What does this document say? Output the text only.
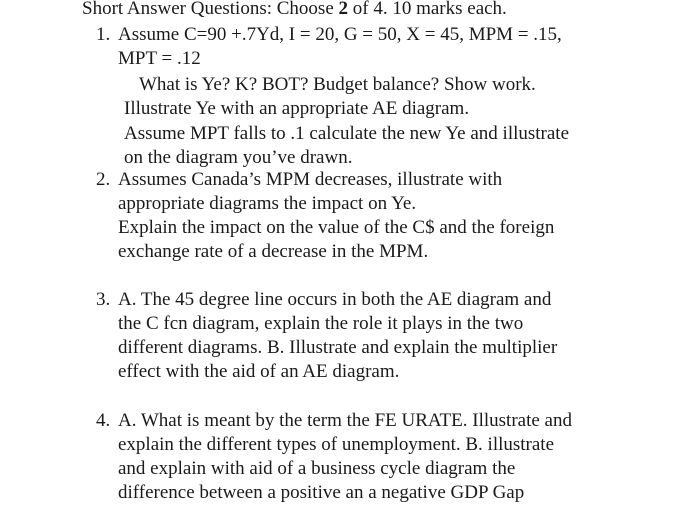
Short Answer Questions: Choose 2 of 4. 10 marks each.
1. Assume C=90 +.7Yd, I = 20, G = 50, X = 45, MPM = .15,
MPT = .12
What is Ye? K? BOT? Budget balance? Show work.
Illustrate Ye with an appropriate AE diagram.
Assume MPT falls to .1 calculate the new Ye and illustrate
on the diagram you’ve drawn.
2. Assumes Canada’s MPM decreases, illustrate with
appropriate diagrams the impact on Ye.
Explain the impact on the value of the C$ and the foreign
exchange rate of a decrease in the MPM.
3. A. The 45 degree line occurs in both the AE diagram and
the C fcn diagram, explain the role it plays in the two
different diagrams. B. Illustrate and explain the multiplier
effect with the aid of an AE diagram.
4. A. What is meant by the term the FE URATE. Illustrate and
explain the different types of unemployment. B. illustrate
and explain with aid of a business cycle diagram the
difference between a positive an a negative GDP Gap
